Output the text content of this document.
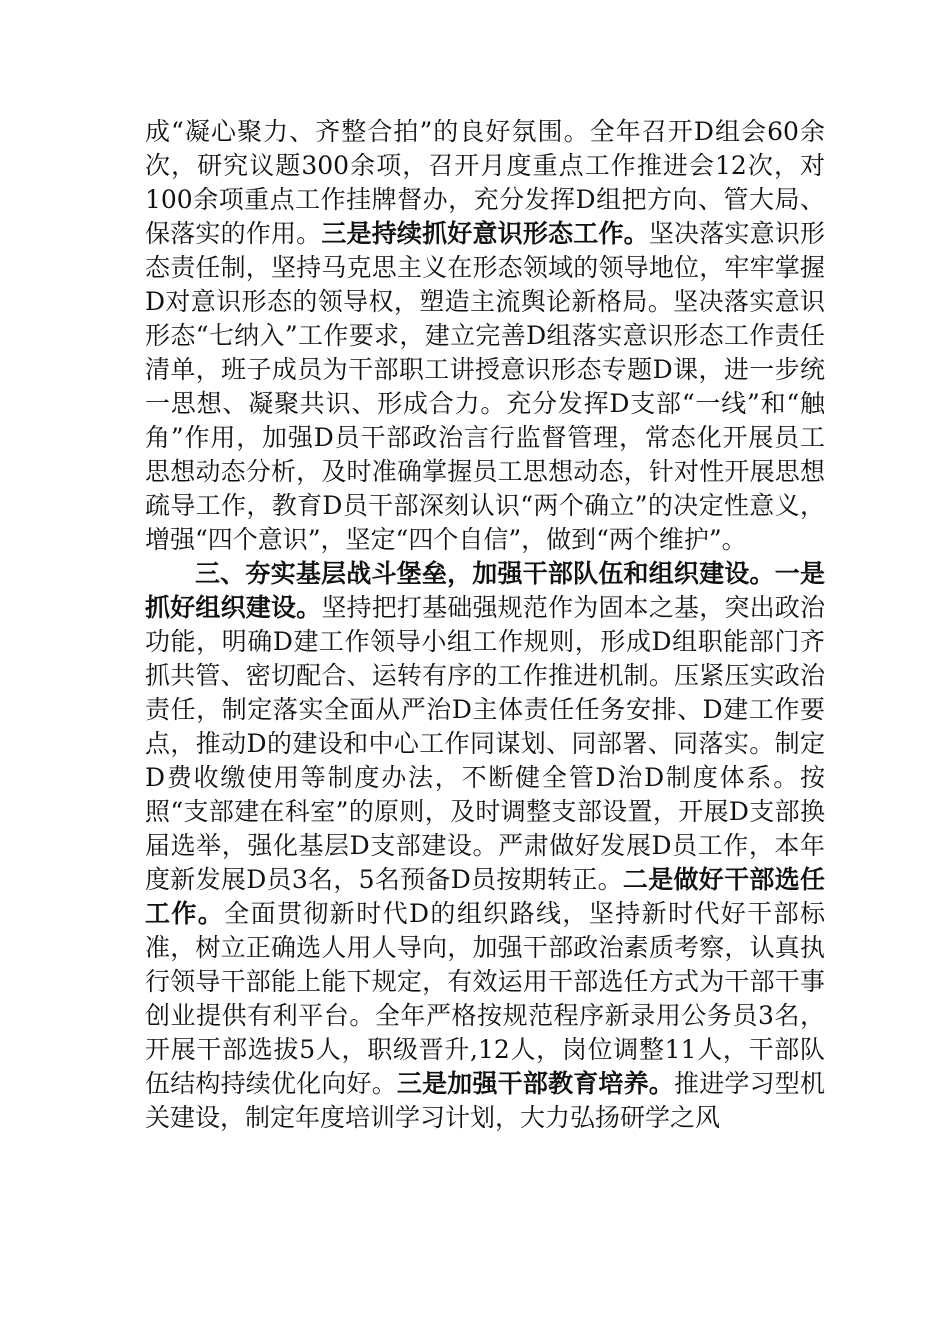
成“凝心聚力、齐整合拍”的良好氛围。全年召开D组会60余次，研究议题300余项，召开月度重点工作推进会12次，对100余项重点工作挂牌督办，充分发挥D组把方向、管大局、保落实的作用。三是持续抓好意识形态工作。坚决落实意识形态责任制，坚持马克思主义在形态领域的领导地位，牢牢掌握D对意识形态的领导权，塑造主流舆论新格局。坚决落实意识形态“七纳入”工作要求，建立完善D组落实意识形态工作责任清单，班子成员为干部职工讲授意识形态专题D课，进一步统一思想、凝聚共识、形成合力。充分发挥D支部“一线”和“触角”作用，加强D员干部政治言行监督管理，常态化开展员工思想动态分析，及时准确掌握员工思想动态，针对性开展思想疏导工作，教育D员干部深刻认识“两个确立”的决定性意义，增强“四个意识”，坚定“四个自信”，做到“两个维护”。

三、夯实基层战斗堡垒，加强干部队伍和组织建设。一是抓好组织建设。坚持把打基础强规范作为固本之基，突出政治功能，明确D建工作领导小组工作规则，形成D组职能部门齐抓共管、密切配合、运转有序的工作推进机制。压紧压实政治责任，制定落实全面从严治D主体责任任务安排、D建工作要点，推动D的建设和中心工作同谋划、同部署、同落实。制定D费收缴使用等制度办法，不断健全管D治D制度体系。按照“支部建在科室”的原则，及时调整支部设置，开展D支部换届选举，强化基层D支部建设。严肃做好发展D员工作，本年度新发展D员3名，5名预备D员按期转正。二是做好干部选任工作。全面贯彻新时代D的组织路线，坚持新时代好干部标准，树立正确选人用人导向，加强干部政治素质考察，认真执行领导干部能上能下规定，有效运用干部选任方式为干部干事创业提供有利平台。全年严格按规范程序新录用公务员3名，开展干部选拔5人，职级晋升,12人，岗位调整11人，干部队伍结构持续优化向好。三是加强干部教育培养。推进学习型机关建设，制定年度培训学习计划，大力弘扬研学之风
